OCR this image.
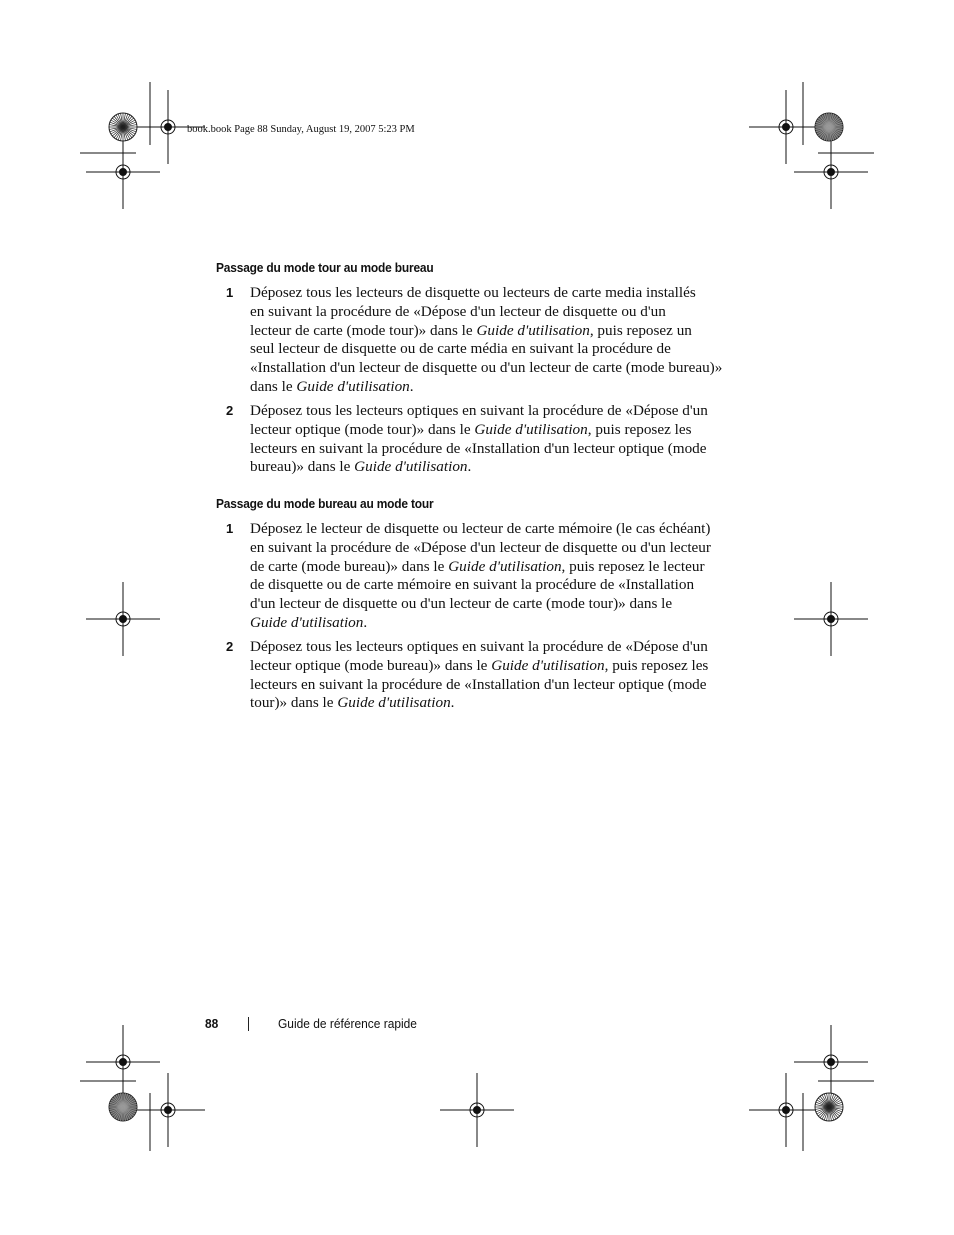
book.book Page 88 Sunday, August 19, 2007 5:23 PM
Passage du mode tour au mode bureau
1 Déposez tous les lecteurs de disquette ou lecteurs de carte media installés
en suivant la procédure de «Dépose d'un lecteur de disquette ou d'un
lecteur de carte (mode tour)» dans le Guide d'utilisation, puis reposez un
seul lecteur de disquette ou de carte média en suivant la procédure de
«Installation d'un lecteur de disquette ou d'un lecteur de carte (mode bureau)»
dans le Guide d'utilisation.
2 Déposez tous les lecteurs optiques en suivant la procédure de «Dépose d'un
lecteur optique (mode tour)» dans le Guide d'utilisation, puis reposez les
lecteurs en suivant la procédure de «Installation d'un lecteur optique (mode
bureau)» dans le Guide d'utilisation.
Passage du mode bureau au mode tour
1 Déposez le lecteur de disquette ou lecteur de carte mémoire (le cas échéant)
en suivant la procédure de «Dépose d'un lecteur de disquette ou d'un lecteur
de carte (mode bureau)» dans le Guide d'utilisation, puis reposez le lecteur
de disquette ou de carte mémoire en suivant la procédure de «Installation
d'un lecteur de disquette ou d'un lecteur de carte (mode tour)» dans le
Guide d'utilisation.
2 Déposez tous les lecteurs optiques en suivant la procédure de «Dépose d'un
lecteur optique (mode bureau)» dans le Guide d'utilisation, puis reposez les
lecteurs en suivant la procédure de «Installation d'un lecteur optique (mode
tour)» dans le Guide d'utilisation.
88	Guide de référence rapide
